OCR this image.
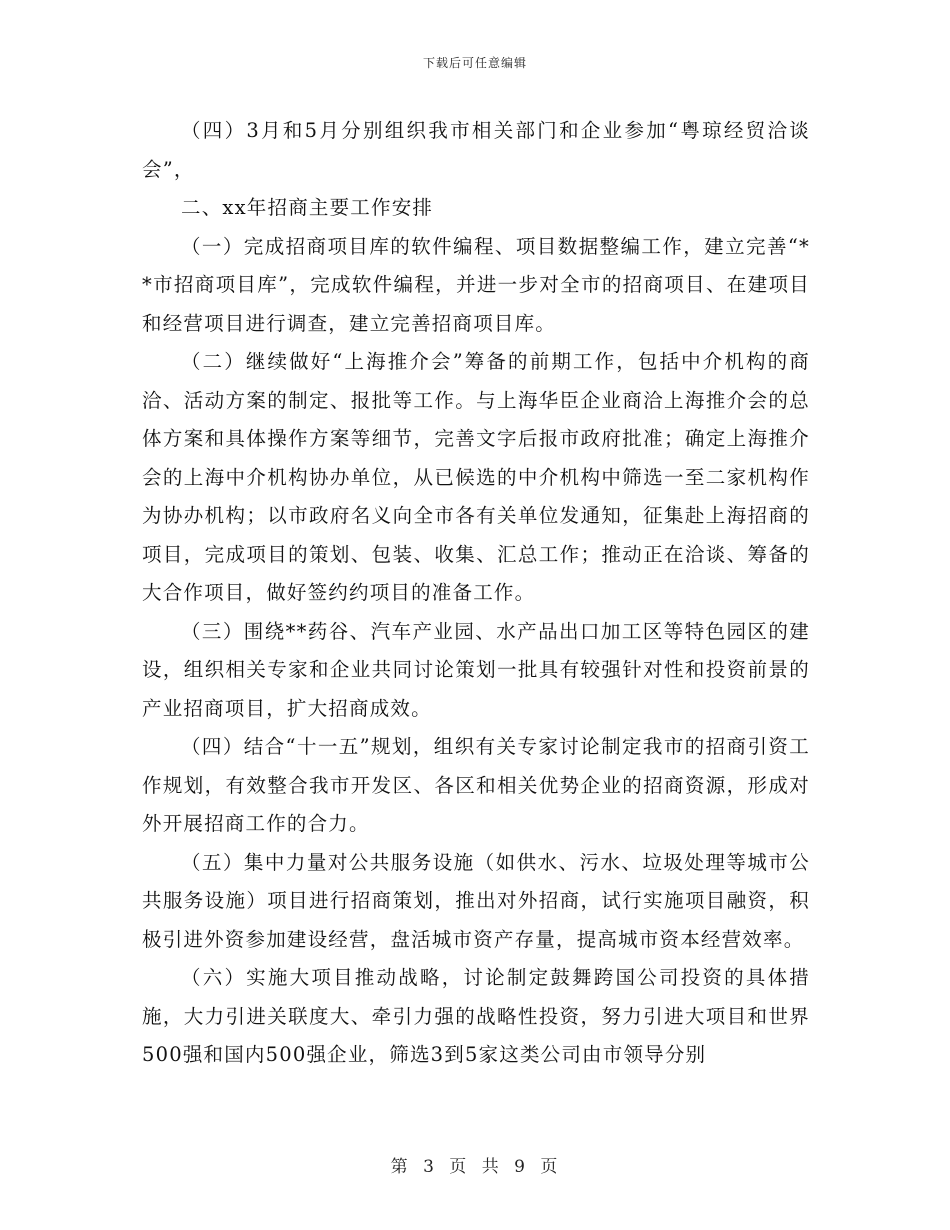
下载后可任意编辑

（四）3月和5月分别组织我市相关部门和企业参加“粤琼经贸洽谈会”，

二、xx年招商主要工作安排

（一）完成招商项目库的软件编程、项目数据整编工作，建立完善“**市招商项目库”，完成软件编程，并进一步对全市的招商项目、在建项目和经营项目进行调查，建立完善招商项目库。

（二）继续做好“上海推介会”筹备的前期工作，包括中介机构的商洽、活动方案的制定、报批等工作。与上海华臣企业商洽上海推介会的总体方案和具体操作方案等细节，完善文字后报市政府批准；确定上海推介会的上海中介机构协办单位，从已候选的中介机构中筛选一至二家机构作为协办机构；以市政府名义向全市各有关单位发通知，征集赴上海招商的项目，完成项目的策划、包装、收集、汇总工作；推动正在洽谈、筹备的大合作项目，做好签约约项目的准备工作。

（三）围绕**药谷、汽车产业园、水产品出口加工区等特色园区的建设，组织相关专家和企业共同讨论策划一批具有较强针对性和投资前景的产业招商项目，扩大招商成效。

（四）结合“十一五”规划，组织有关专家讨论制定我市的招商引资工作规划，有效整合我市开发区、各区和相关优势企业的招商资源，形成对外开展招商工作的合力。

（五）集中力量对公共服务设施（如供水、污水、垃圾处理等城市公共服务设施）项目进行招商策划，推出对外招商，试行实施项目融资，积极引进外资参加建设经营，盘活城市资产存量，提高城市资本经营效率。

（六）实施大项目推动战略，讨论制定鼓舞跨国公司投资的具体措施，大力引进关联度大、牵引力强的战略性投资，努力引进大项目和世界500强和国内500强企业，筛选3到5家这类公司由市领导分别

第 3 页 共 9 页
